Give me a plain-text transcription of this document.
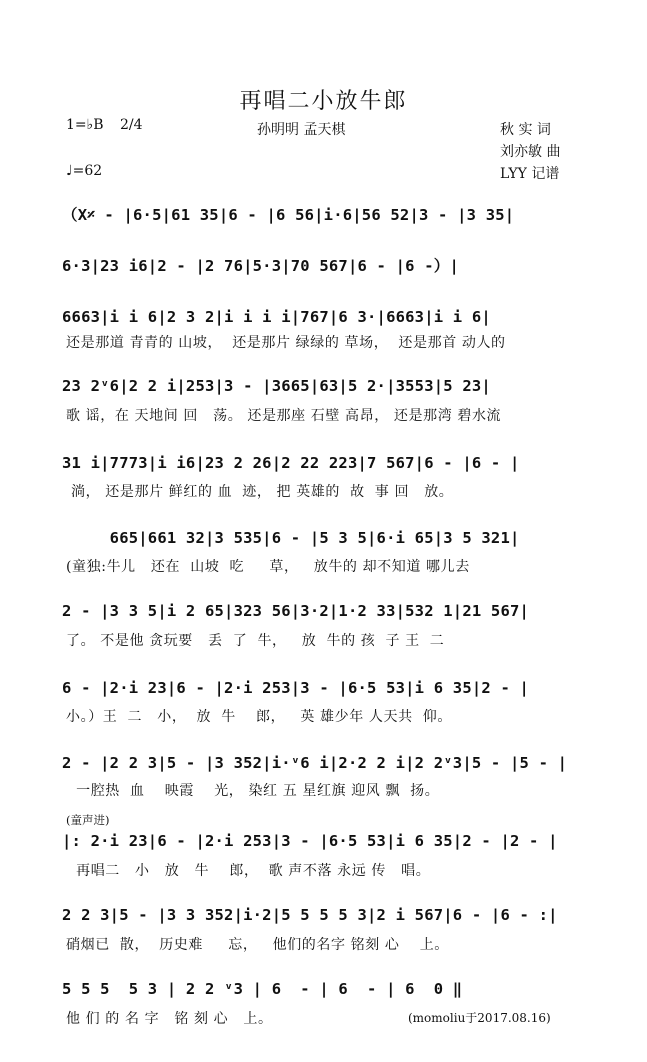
再唱二小放牛郎
1=♭B 2/4
♩=62
孙明明 孟天棋	秋 实 词
刘亦敏 曲
LYY 记谱
（X𝄎 - |6·5|61 35|6 - |6 56|i·6|56 52|3 - |3 35|
6·3|23 i6|2 - |2 76|5·3|70 567|6 - |6 -）|
6663|i i 6|2 3 2|i i i i|767|6 3·|6663|i i 6|
还是那道 青青的 山坡，  还是那片 绿绿的 草场，  还是那首 动人的
23 2ᵛ6|2 2 i|253|3 - |3665|63|5 2·|3553|5 23|
歌 谣，在 天地间 回   荡。 还是那座 石壁 高昂， 还是那湾 碧水流
31 i|7773|i i6|23 2 26|2 22 223|7 567|6 - |6 - |
淌， 还是那片 鲜红的 血  迹， 把 英雄的  故  事 回   放。
665|661 32|3 535|6 - |5 3 5|6·i 65|3 5 321|
(童独:牛儿   还在  山坡  吃     草，   放牛的 却不知道 哪儿去
2 - |3 3 5|i 2 65|323 56|3·2|1·2 33|532 1|21 567|
了。 不是他 贪玩要   丢  了  牛，   放  牛的 孩  子 王  二
6 - |2·i 23|6 - |2·i 253|3 - |6·5 53|i 6 35|2 - |
小。）王  二   小，  放  牛    郎，   英 雄少年 人天共  仰。
2 - |2 2 3|5 - |3 352|i·ᵛ6 i|2·2 2 i|2 2ᵛ3|5 - |5 - |
一腔热  血    映霞    光， 染红 五 星红旗 迎风 飘  扬。
(童声进)
|: 2·i 23|6 - |2·i 253|3 - |6·5 53|i 6 35|2 - |2 - |
再唱二   小   放   牛    郎，  歌 声不落 永远 传   唱。
2 2 3|5 - |3 3 352|i·2|5 5 5 5 3|2 i 567|6 - |6 - :|
硝烟已  散，  历史难     忘，   他们的名字 铭刻 心    上。
5 5 5  5 3 | 2 2 ᵛ3 | 6  - | 6  - | 6  0 ‖
他 们 的 名 字   铭 刻 心   上。	(momoliu于2017.08.16)
